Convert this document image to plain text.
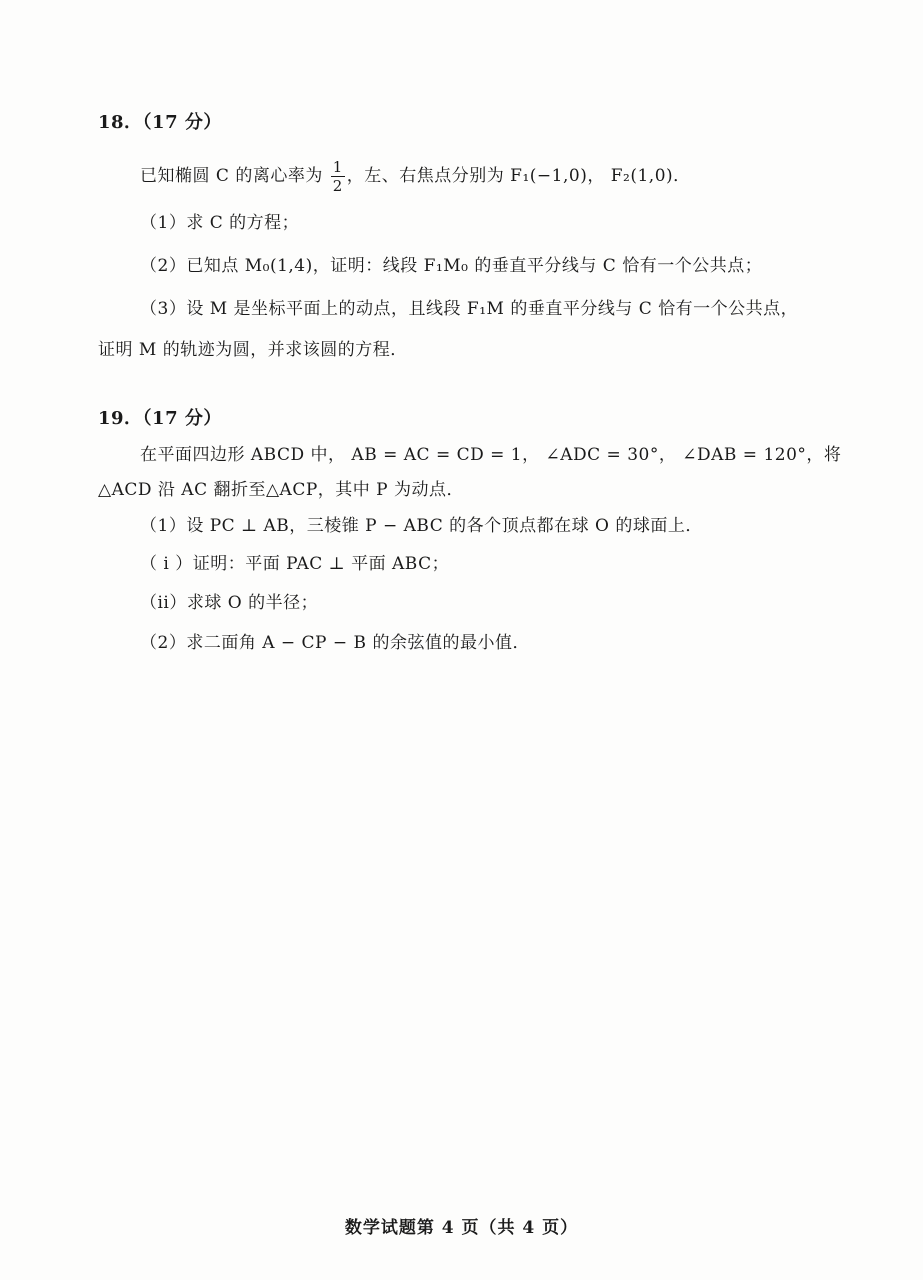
18．（17 分）
已知椭圆 C 的离心率为 $\frac{1}{2}$ ，左、右焦点分别为 F₁(−1,0)， F₂(1,0)．
（1）求 C 的方程；
（2）已知点 M₀(1,4)，证明：线段 F₁M₀ 的垂直平分线与 C 恰有一个公共点；
（3）设 M 是坐标平面上的动点，且线段 F₁M 的垂直平分线与 C 恰有一个公共点，
证明 M 的轨迹为圆，并求该圆的方程．
19．（17 分）
在平面四边形 ABCD 中， AB = AC = CD = 1， ∠ADC = 30°， ∠DAB = 120°，将
△ACD 沿 AC 翻折至△ACP，其中 P 为动点．
（1）设 PC ⊥ AB，三棱锥 P − ABC 的各个顶点都在球 O 的球面上．
（ i ）证明：平面 PAC ⊥ 平面 ABC；
（ii）求球 O 的半径；
（2）求二面角 A − CP − B 的余弦值的最小值．
数学试题第 4 页（共 4 页）
